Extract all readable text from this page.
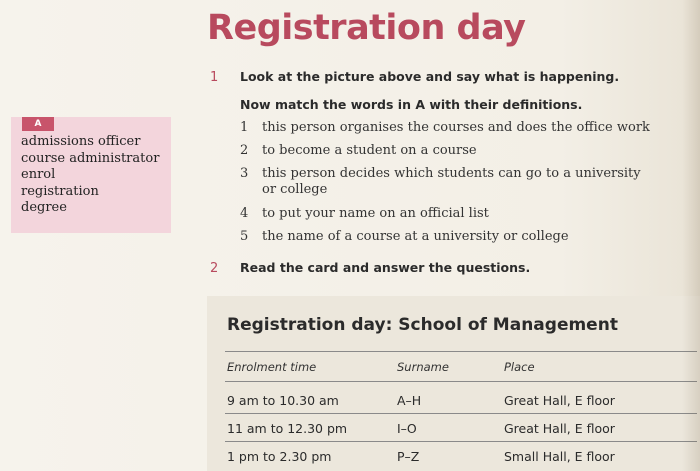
Registration day
1 Look at the picture above and say what is happening.
Now match the words in A with their definitions.
1 this person organises the courses and does the office work
2 to become a student on a course
3 this person decides which students can go to a university or college
4 to put your name on an official list
5 the name of a course at a university or college
A
admissions officer
course administrator
enrol
registration
degree
2 Read the card and answer the questions.
Registration day: School of Management
Enrolment time	Surname	Place
9 am to 10.30 am	A–H	Great Hall, E floor
11 am to 12.30 pm	I–O	Great Hall, E floor
1 pm to 2.30 pm	P–Z	Small Hall, E floor
